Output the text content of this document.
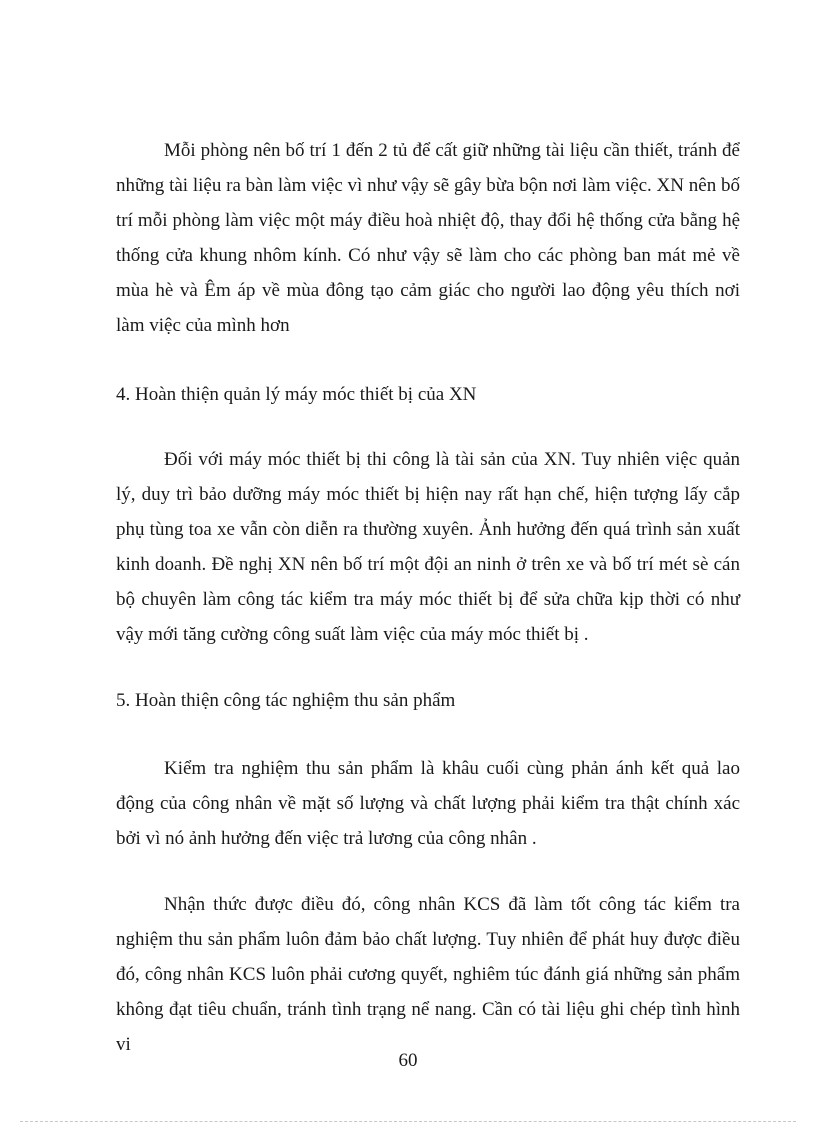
Mỗi phòng nên bố trí 1 đến 2 tủ để cất giữ những tài liệu cần thiết, tránh để những tài liệu ra bàn làm việc vì như vậy sẽ gây bừa bộn nơi làm việc. XN nên bố trí mỗi phòng làm việc một máy điều hoà nhiệt độ, thay đổi hệ thống cửa bằng hệ thống cửa khung nhôm kính. Có như vậy sẽ làm cho các phòng ban mát mẻ về mùa hè và Êm áp về mùa đông tạo cảm giác cho người lao động yêu thích nơi làm việc của mình hơn

4. Hoàn thiện quản lý máy móc thiết bị của XN

Đối với máy móc thiết bị thi công là tài sản của XN. Tuy nhiên việc quản lý, duy trì bảo dưỡng máy móc thiết bị hiện nay rất hạn chế, hiện tượng lấy cắp phụ tùng toa xe vẫn còn diễn ra thường xuyên. Ảnh hưởng đến quá trình sản xuất kinh doanh. Đề nghị XN nên bố trí một đội an ninh ở trên xe và bố trí mét sè cán bộ chuyên làm công tác kiểm tra máy móc thiết bị để sửa chữa kịp thời có như vậy mới tăng cường công suất làm việc của máy móc thiết bị .

5. Hoàn thiện công tác nghiệm thu sản phẩm

Kiểm tra nghiệm thu sản phẩm là khâu cuối cùng phản ánh kết quả lao động của công nhân về mặt số lượng và chất lượng phải kiểm tra thật chính xác bởi vì nó ảnh hưởng đến việc trả lương của công nhân .

Nhận thức được điều đó, công nhân KCS đã làm tốt công tác kiểm tra nghiệm thu sản phẩm luôn đảm bảo chất lượng. Tuy nhiên để phát huy được điều đó, công nhân KCS luôn phải cương quyết, nghiêm túc đánh giá những sản phẩm không đạt tiêu chuẩn, tránh tình trạng nể nang. Cần có tài liệu ghi chép tình hình vi

60
